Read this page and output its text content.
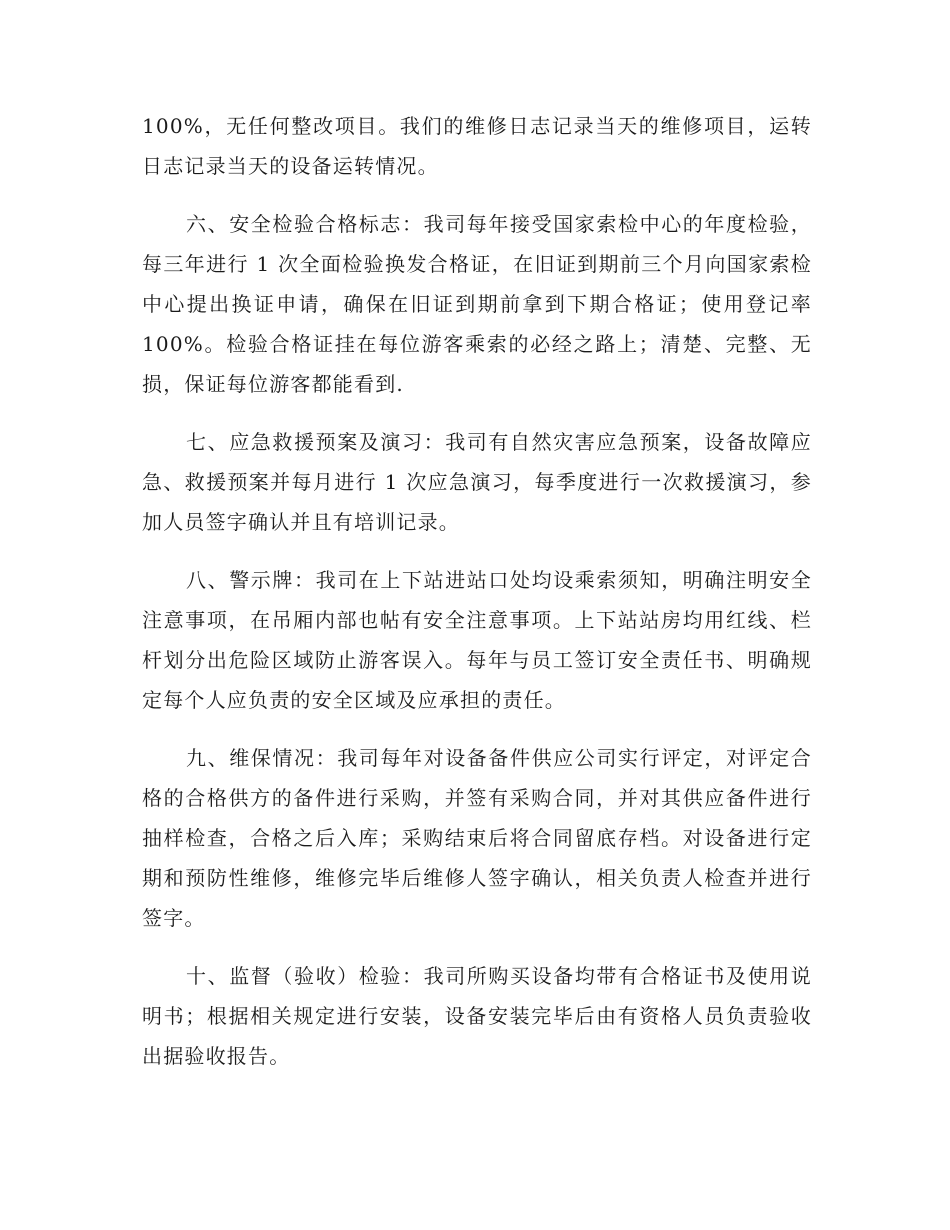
100%，无任何整改项目。我们的维修日志记录当天的维修项目，运转日志记录当天的设备运转情况。

六、安全检验合格标志：我司每年接受国家索检中心的年度检验，每三年进行 1 次全面检验换发合格证，在旧证到期前三个月向国家索检中心提出换证申请，确保在旧证到期前拿到下期合格证；使用登记率 100%。检验合格证挂在每位游客乘索的必经之路上；清楚、完整、无损，保证每位游客都能看到.

七、应急救援预案及演习：我司有自然灾害应急预案，设备故障应急、救援预案并每月进行 1 次应急演习，每季度进行一次救援演习，参加人员签字确认并且有培训记录。

八、警示牌：我司在上下站进站口处均设乘索须知，明确注明安全注意事项，在吊厢内部也帖有安全注意事项。上下站站房均用红线、栏杆划分出危险区域防止游客误入。每年与员工签订安全责任书、明确规定每个人应负责的安全区域及应承担的责任。

九、维保情况：我司每年对设备备件供应公司实行评定，对评定合格的合格供方的备件进行采购，并签有采购合同，并对其供应备件进行抽样检查，合格之后入库；采购结束后将合同留底存档。对设备进行定期和预防性维修，维修完毕后维修人签字确认，相关负责人检查并进行签字。

十、监督（验收）检验：我司所购买设备均带有合格证书及使用说明书；根据相关规定进行安装，设备安装完毕后由有资格人员负责验收出据验收报告。
